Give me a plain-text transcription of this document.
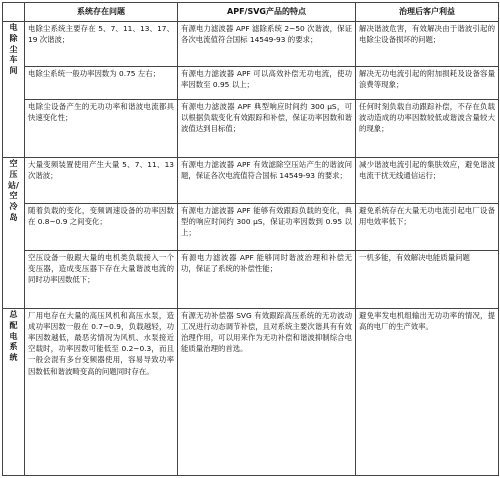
	系统存在问题	APF/SVG产品的特点	治理后客户利益
电除尘车间	电除尘系统主要存在 5、7、11、13、17、19 次谐波；	有源电力滤波器 APF 滤除系统 2~50 次谐波，保证各次电流值符合国标 14549-93 的要求；	解决谐波危害，有效解决由于谐波引起的电除尘设备损坏的问题；
	电除尘系统一般功率因数为 0.75 左右；	有源电力滤波器 APF 可以高效补偿无功电流，使功率因数至 0.95 以上；	解决无功电流引起的附加损耗及设备容量浪费等现象；
	电除尘设备产生的无功功率和谐波电流都具快速变化性；	有源电力滤波器 APF 典型响应时间约 300 μS，可以根据负载变化有效跟踪和补偿，保证功率因数和谐波值达到目标值；	任何时刻负载自动跟踪补偿，不存在负载波动造成的功率因数较低或谐波含量较大的现象；
空压站/空冷岛	大量变频装置使用产生大量 5、7、11、13 次谐波；	有源电力滤波器 APF 有效滤除空压站产生的谐波问题，保证各次电流值符合国标 14549-93 的要求；	减少谐波电流引起的集肤效应，避免谐波电流干扰无线通信运行；
	随着负载的变化，变频调速设备的功率因数在 0.8~0.9 之间变化；	有源电力滤波器 APF 能够有效跟踪负载的变化，典型的响应时间约 300 μS，保证功率因数到 0.95 以上；	避免系统存在大量无功电流引起电厂设备用电效率低下；
	空压设备一般跟大量的电机类负载接入一个变压器，造成变压器下存在大量谐波电流的同时功率因数低下；	有源电力滤波器 APF 能够同时谐波治理和补偿无功，保证了系统的补偿性能；	一机多能，有效解决电能质量问题
总配电系统	厂用电存在大量的高压风机和高压水泵，造成功率因数一般在 0.7~0.9，负载越轻，功率因数越低，最恶劣情况为风机、水泵接近空载时，功率因数可能低至 0.2~0.3，而且一般会混有多台变频器使用，容易导致功率因数低和谐波畸变高的问题同时存在。	有源无功补偿器 SVG 有效跟踪高压系统的无功波动工况进行动态调节补偿，且对系统主要次谐具有有效治理作用，可以用来作为无功补偿和谐波抑制综合电能质量治理的首选。	避免率发电机组输出无功功率的情况，提高的电厂的生产效率。
